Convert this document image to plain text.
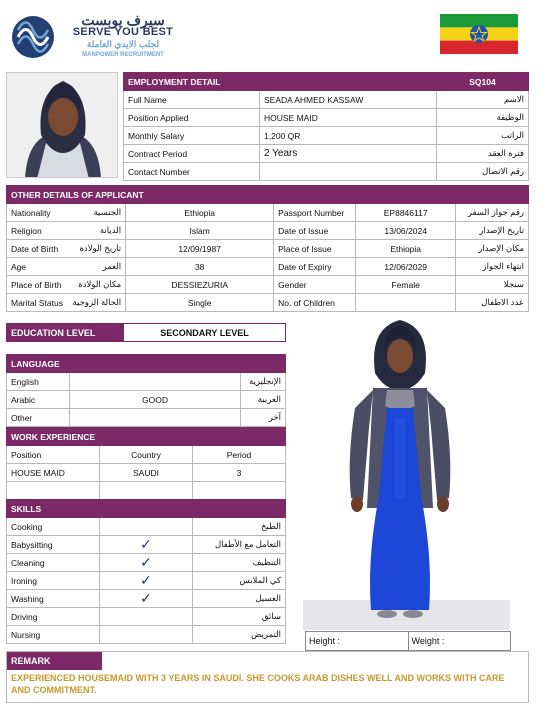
سيرف يوبست
SERVE YOU BEST
لجلب الايدي العاملة
MANPOWER RECRUITMENT
EMPLOYMENT DETAIL		SQ104
Full Name	SEADA AHMED KASSAW	الاسم
Position Applied	HOUSE MAID	الوظيفة
Monthly Salary	1,200 QR	الراتب
Contract Period	2 Years	فترة العقد
Contact Number		رقم الاتصال
OTHER DETAILS OF APPLICANT					
Nationality	الجنسية	Ethiopia	Passport Number	EP8846117	رقم جواز السفر
Religion	الديانة	Islam	Date of Issue	13/06/2024	تاريخ الإصدار
Date of Birth	تاريخ الولادة	12/09/1987	Place of Issue	Ethiopia	مكان الإصدار
Age	العمر	38	Date of Expiry	12/06/2029	انتهاء الجواز
Place of Birth	مكان الولادة	DESSIEZURIA	Gender	Female	سنجلا
Marital Status	الحالة الزوجية	Single	No. of Children		عدد الاطفال
EDUCATION LEVEL	SECONDARY LEVEL
LANGUAGE		
English		الإنجليزية
Arabic	GOOD	العربية
Other		آخر
WORK EXPERIENCE		
Position	Country	Period
HOUSE MAID	SAUDI	3

SKILLS		
Cooking		الطبخ
Babysitting	✓	التعامل مع الأطفال
Cleaning	✓	التنظيف
Ironing	✓	كي الملابس
Washing	✓	الغسيل
Driving		سائق
Nursing		التمريض
Height :	Weight :
REMARK
EXPERIENCED HOUSEMAID WITH 3 YEARS IN SAUDI. SHE COOKS ARAB DISHES WELL AND WORKS WITH CARE AND COMMITMENT.
